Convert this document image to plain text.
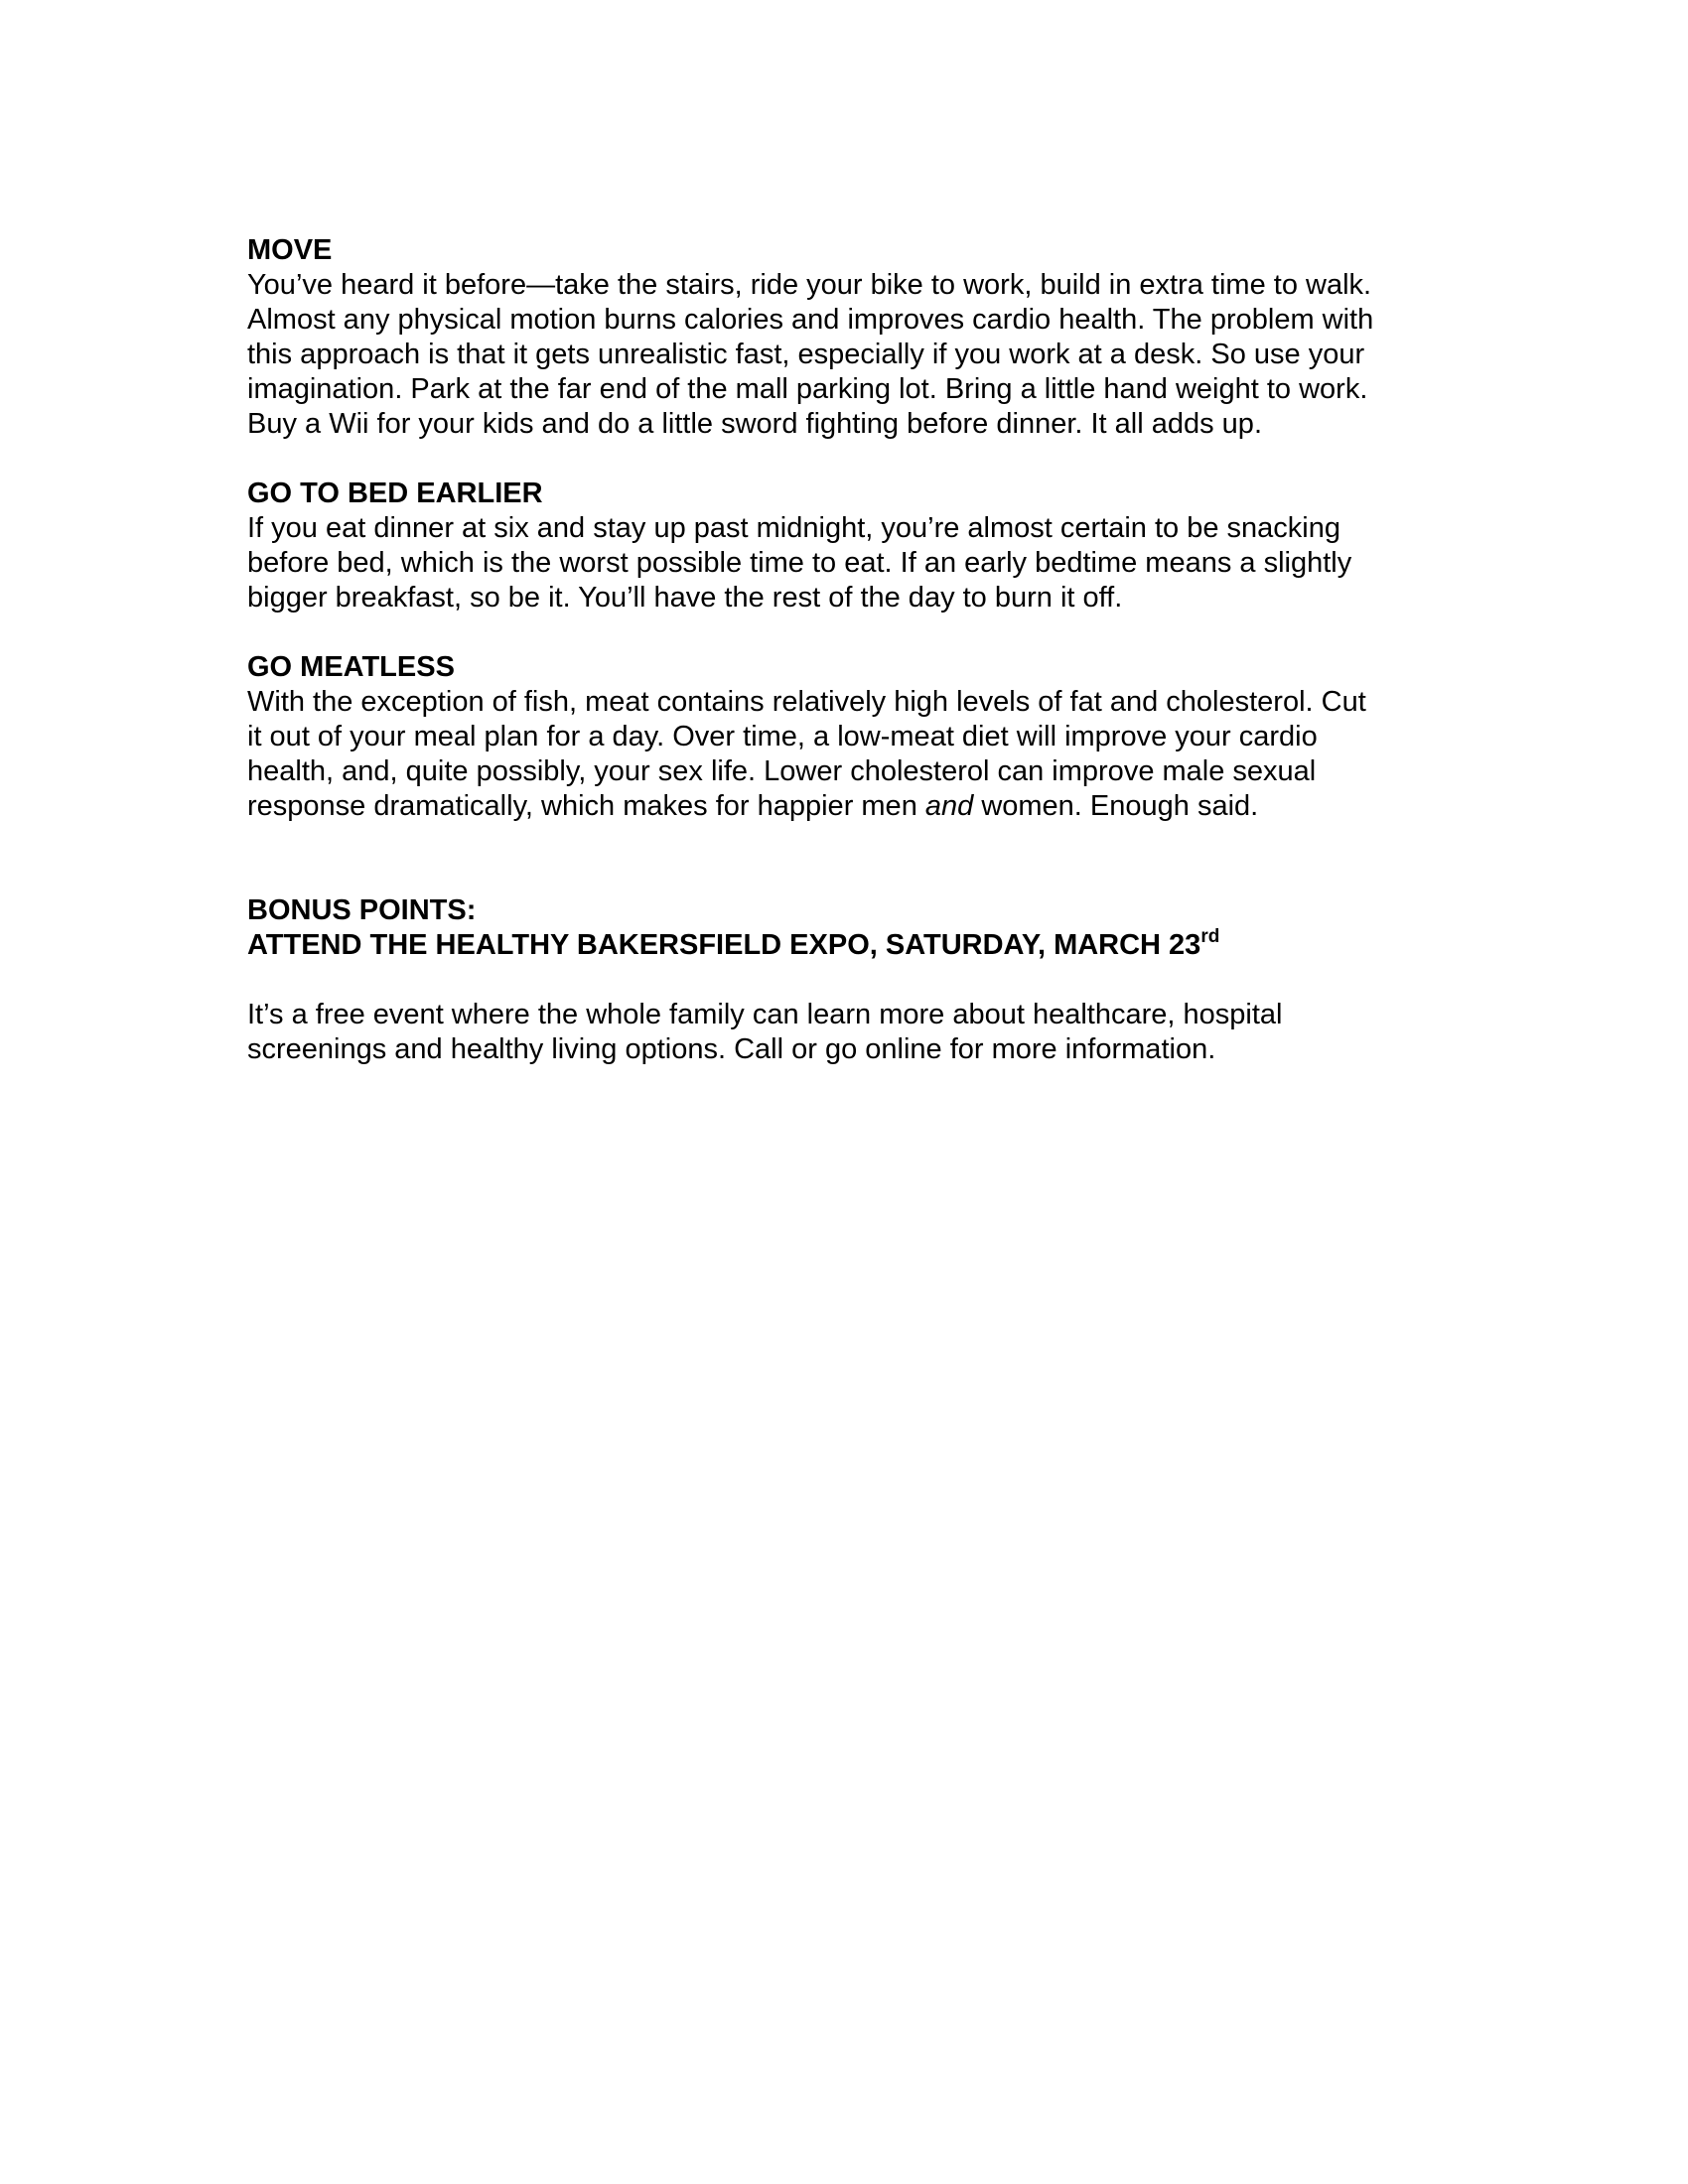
MOVE

You’ve heard it before—take the stairs, ride your bike to work, build in extra time to walk.

Almost any physical motion burns calories and improves cardio health. The problem with

this approach is that it gets unrealistic fast, especially if you work at a desk. So use your

imagination. Park at the far end of the mall parking lot. Bring a little hand weight to work.

Buy a Wii for your kids and do a little sword fighting before dinner. It all adds up.

GO TO BED EARLIER

If you eat dinner at six and stay up past midnight, you’re almost certain to be snacking

before bed, which is the worst possible time to eat. If an early bedtime means a slightly

bigger breakfast, so be it. You’ll have the rest of the day to burn it off.

GO MEATLESS

With the exception of fish, meat contains relatively high levels of fat and cholesterol. Cut

it out of your meal plan for a day. Over time, a low-meat diet will improve your cardio

health, and, quite possibly, your sex life. Lower cholesterol can improve male sexual

response dramatically, which makes for happier men and women. Enough said.

BONUS POINTS:

ATTEND THE HEALTHY BAKERSFIELD EXPO, SATURDAY, MARCH 23rd

It’s a free event where the whole family can learn more about healthcare, hospital

screenings and healthy living options. Call or go online for more information.
